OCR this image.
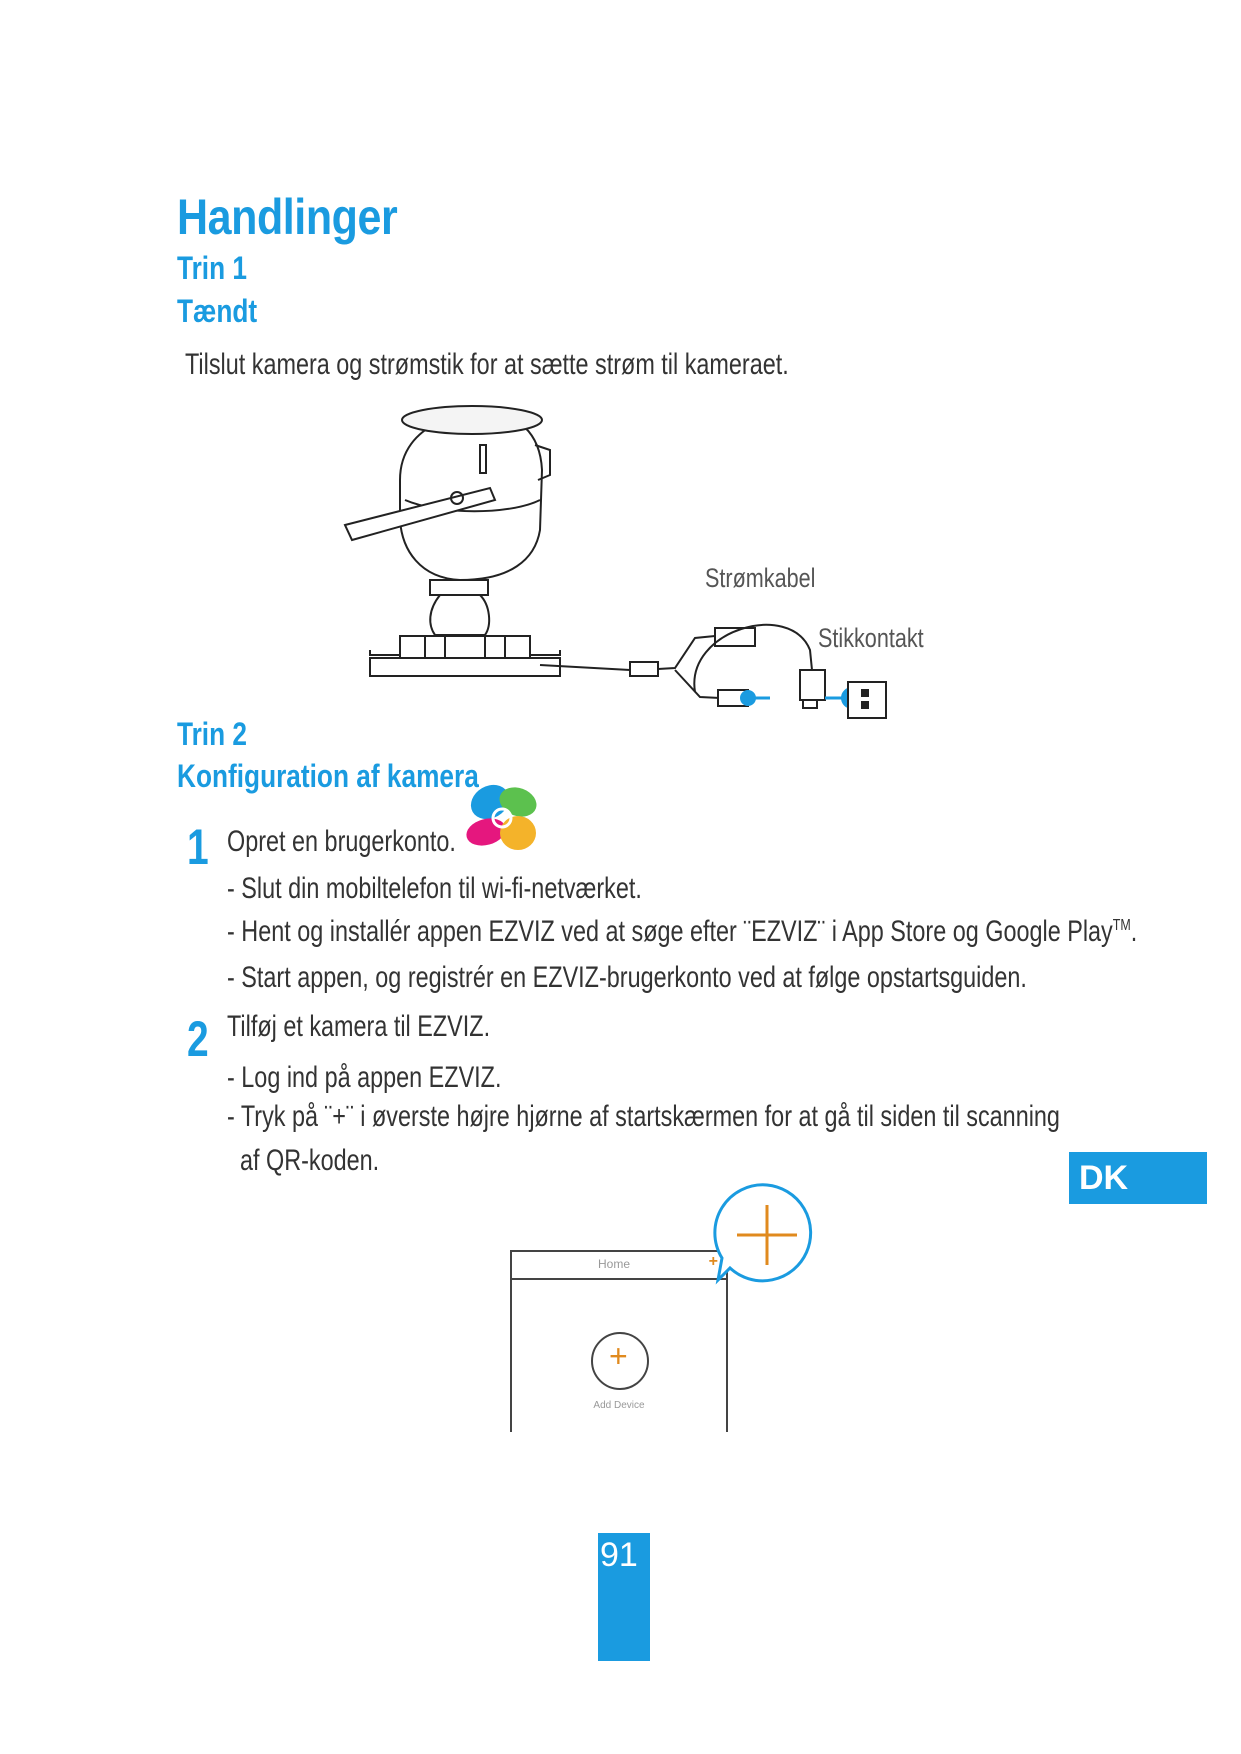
Handlinger
Trin 1
Tændt
Tilslut kamera og strømstik for at sætte strøm til kameraet.
Strømkabel
Stikkontakt
Trin 2
Konfiguration af kamera
1 Opret en brugerkonto.
- Slut din mobiltelefon til wi-fi-netværket.
- Hent og installér appen EZVIZ ved at søge efter ¨EZVIZ¨ i App Store og Google Play™.
- Start appen, og registrér en EZVIZ-brugerkonto ved at følge opstartsguiden.
2 Tilføj et kamera til EZVIZ.
- Log ind på appen EZVIZ.
- Tryk på ¨+¨ i øverste højre hjørne af startskærmen for at gå til siden til scanning
af QR-koden.	DK
Home	+
+
Add Device
91
